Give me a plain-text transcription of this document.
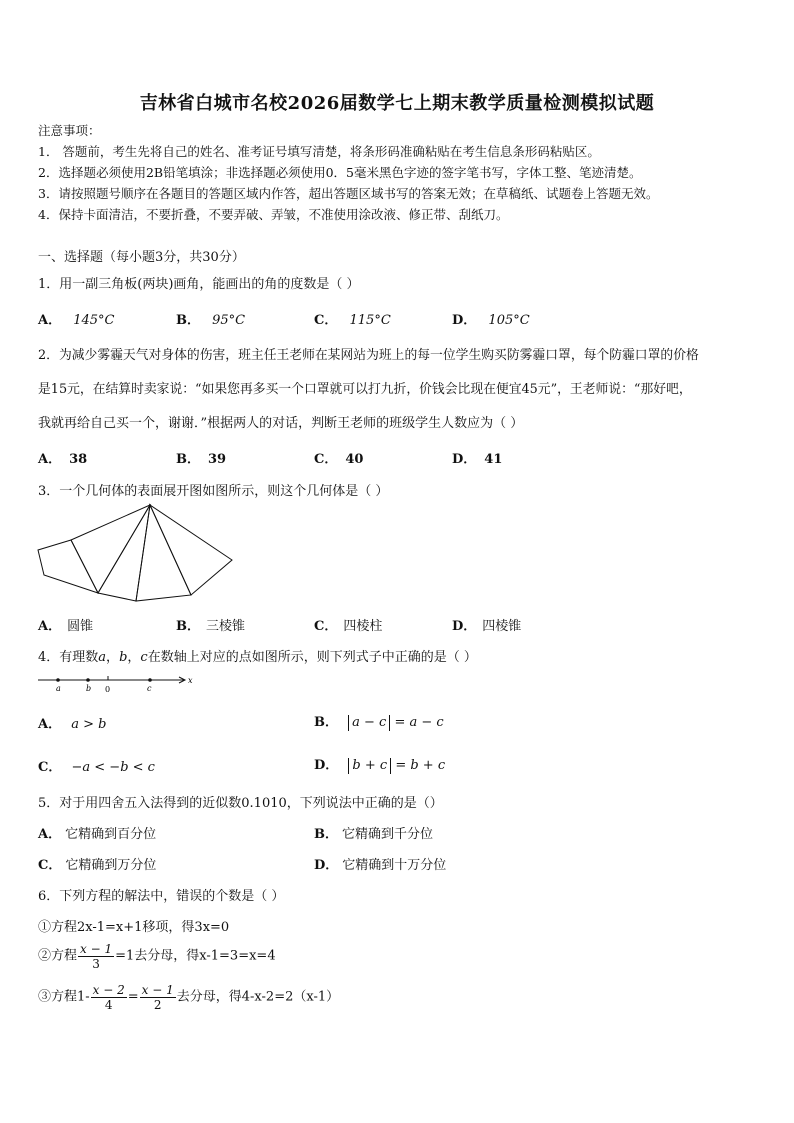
吉林省白城市名校2026届数学七上期末教学质量检测模拟试题
注意事项：
1． 答题前，考生先将自己的姓名、准考证号填写清楚，将条形码准确粘贴在考生信息条形码粘贴区。
2．选择题必须使用2B铅笔填涂；非选择题必须使用0．5毫米黑色字迹的签字笔书写，字体工整、笔迹清楚。
3．请按照题号顺序在各题目的答题区域内作答，超出答题区域书写的答案无效；在草稿纸、试题卷上答题无效。
4．保持卡面清洁，不要折叠，不要弄破、弄皱，不准使用涂改液、修正带、刮纸刀。
一、选择题（每小题3分，共30分）
1．用一副三角板(两块)画角，能画出的角的度数是（ ）
A． 145°C	B． 95°C	C． 115°C	D． 105°C
2．为减少雾霾天气对身体的伤害，班主任王老师在某网站为班上的每一位学生购买防雾霾口罩，每个防霾口罩的价格
是15元，在结算时卖家说：“如果您再多买一个口罩就可以打九折，价钱会比现在便宜45元”，王老师说：“那好吧，
我就再给自己买一个，谢谢．”根据两人的对话，判断王老师的班级学生人数应为（ ）
A． 38	B． 39	C． 40	D． 41
3．一个几何体的表面展开图如图所示，则这个几何体是（ ）
A． 圆锥	B． 三棱锥	C． 四棱柱	D． 四棱锥
4．有理数a，b，c在数轴上对应的点如图所示，则下列式子中正确的是（ ）
a	b 0	c
x
A． a > b	B． a − c = a − c
C． −a < −b < c	D． b + c = b + c
5．对于用四舍五入法得到的近似数0.1010，下列说法中正确的是（）
A． 它精确到百分位	B． 它精确到千分位
C． 它精确到万分位	D． 它精确到十万分位
6．下列方程的解法中，错误的个数是（ ）
①方程2x-1=x+1移项，得3x=0
②方程 $\frac{x - 1}{3} =1$去分母，得x-1=3=x=4
③方程$1- \frac{x - 2}{4} = \frac{x - 1}{2}$ 去分母，得4-x-2=2（x-1）
